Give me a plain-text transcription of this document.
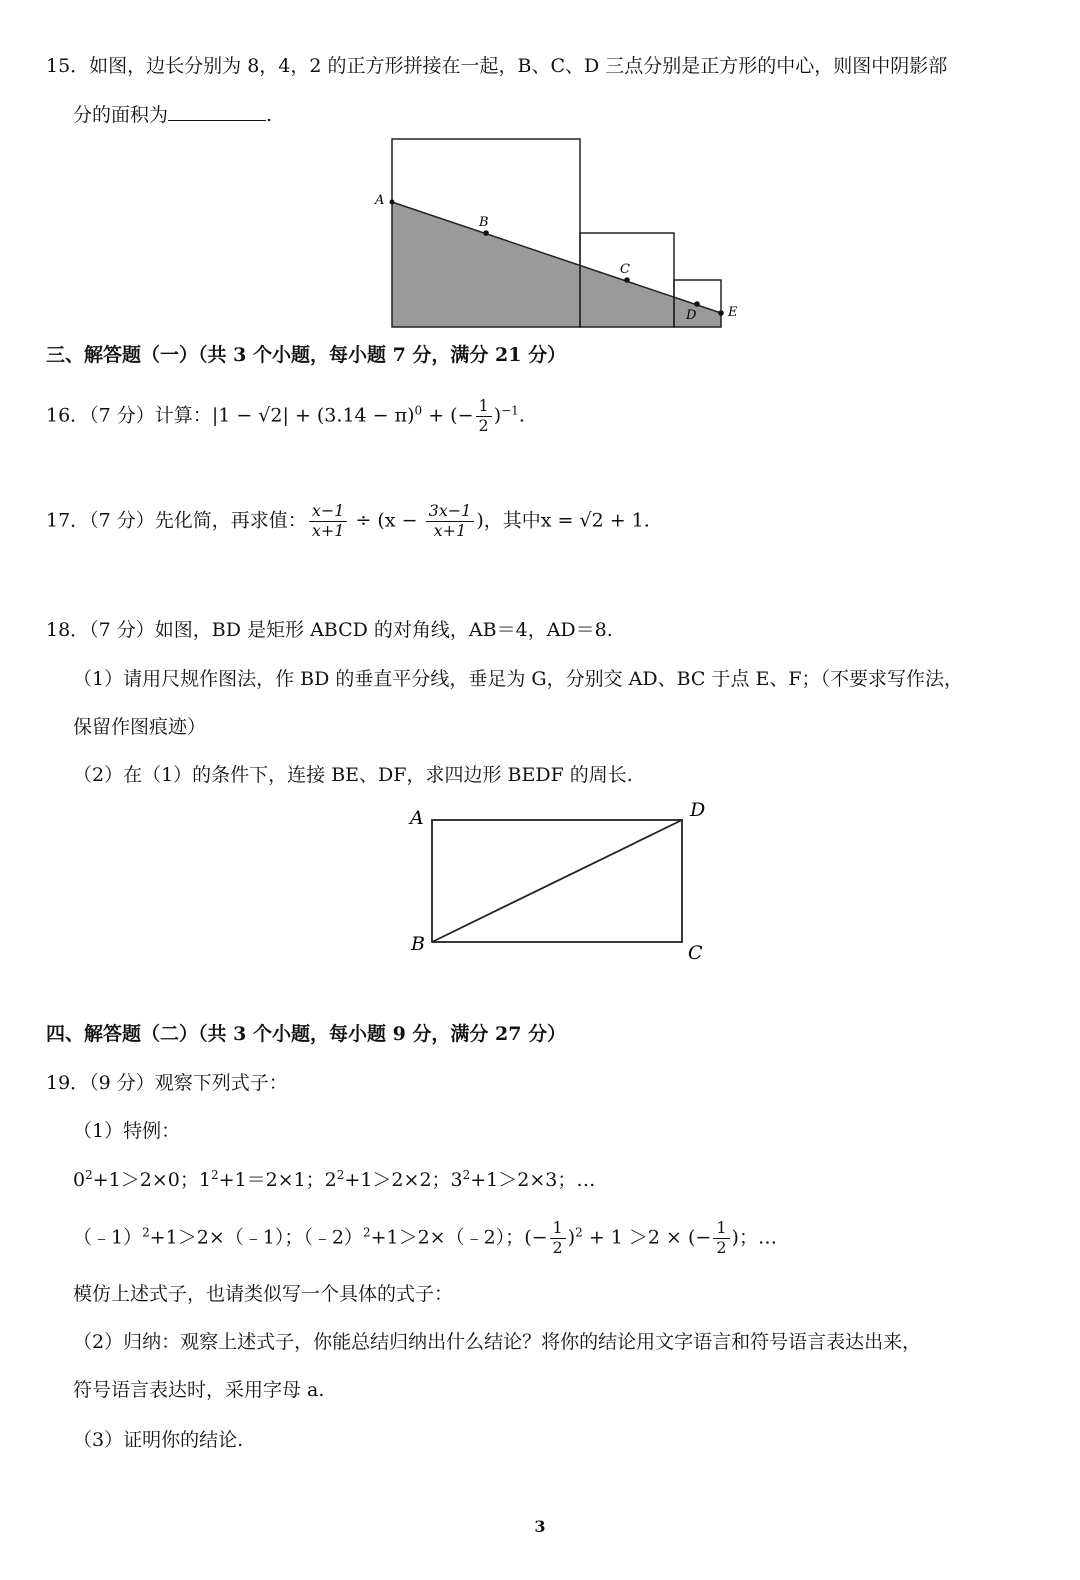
15．如图，边长分别为 8，4，2 的正方形拼接在一起，B、C、D 三点分别是正方形的中心，则图中阴影部
分的面积为	.
A
B
C
D E
三、解答题（一）（共 3 个小题，每小题 7 分，满分 21 分）
16．（7 分）计算：$|1 - √2| + (3.14 - \pi)^0$ + (− $\frac{1}{2} )^{-1}$.
17．（7 分）先化简，再求值： $\frac{x-1}{x+1} \div (x - \frac{3x-1}{x+1}$ )，其中x = √2 + 1.
18．（7 分）如图，BD 是矩形 ABCD 的对角线，AB＝4，AD＝8.
（1）请用尺规作图法，作 BD 的垂直平分线，垂足为 G，分别交 AD、BC 于点 E、F；（不要求写作法，
保留作图痕迹）
（2）在（1）的条件下，连接 BE、DF，求四边形 BEDF 的周长.
A	D
B	C
四、解答题（二）（共 3 个小题，每小题 9 分，满分 27 分）
19．（9 分）观察下列式子：
（1）特例：
$0^2+1>2\times 0$；$1^2+1=2\times 1$；$2^2+1>2\times 2$；$3^2+1>2\times 3$；…
（﹣1）$^2$+1＞2×（﹣1）；（﹣2）$^2$+1＞2×（﹣2）；(− $\frac{1}{2} )^2 + 1 >2$ × (− $\frac{1}{2}$ )；…
模仿上述式子，也请类似写一个具体的式子：
（2）归纳：观察上述式子，你能总结归纳出什么结论？将你的结论用文字语言和符号语言表达出来，
符号语言表达时，采用字母 a.
（3）证明你的结论.
3
